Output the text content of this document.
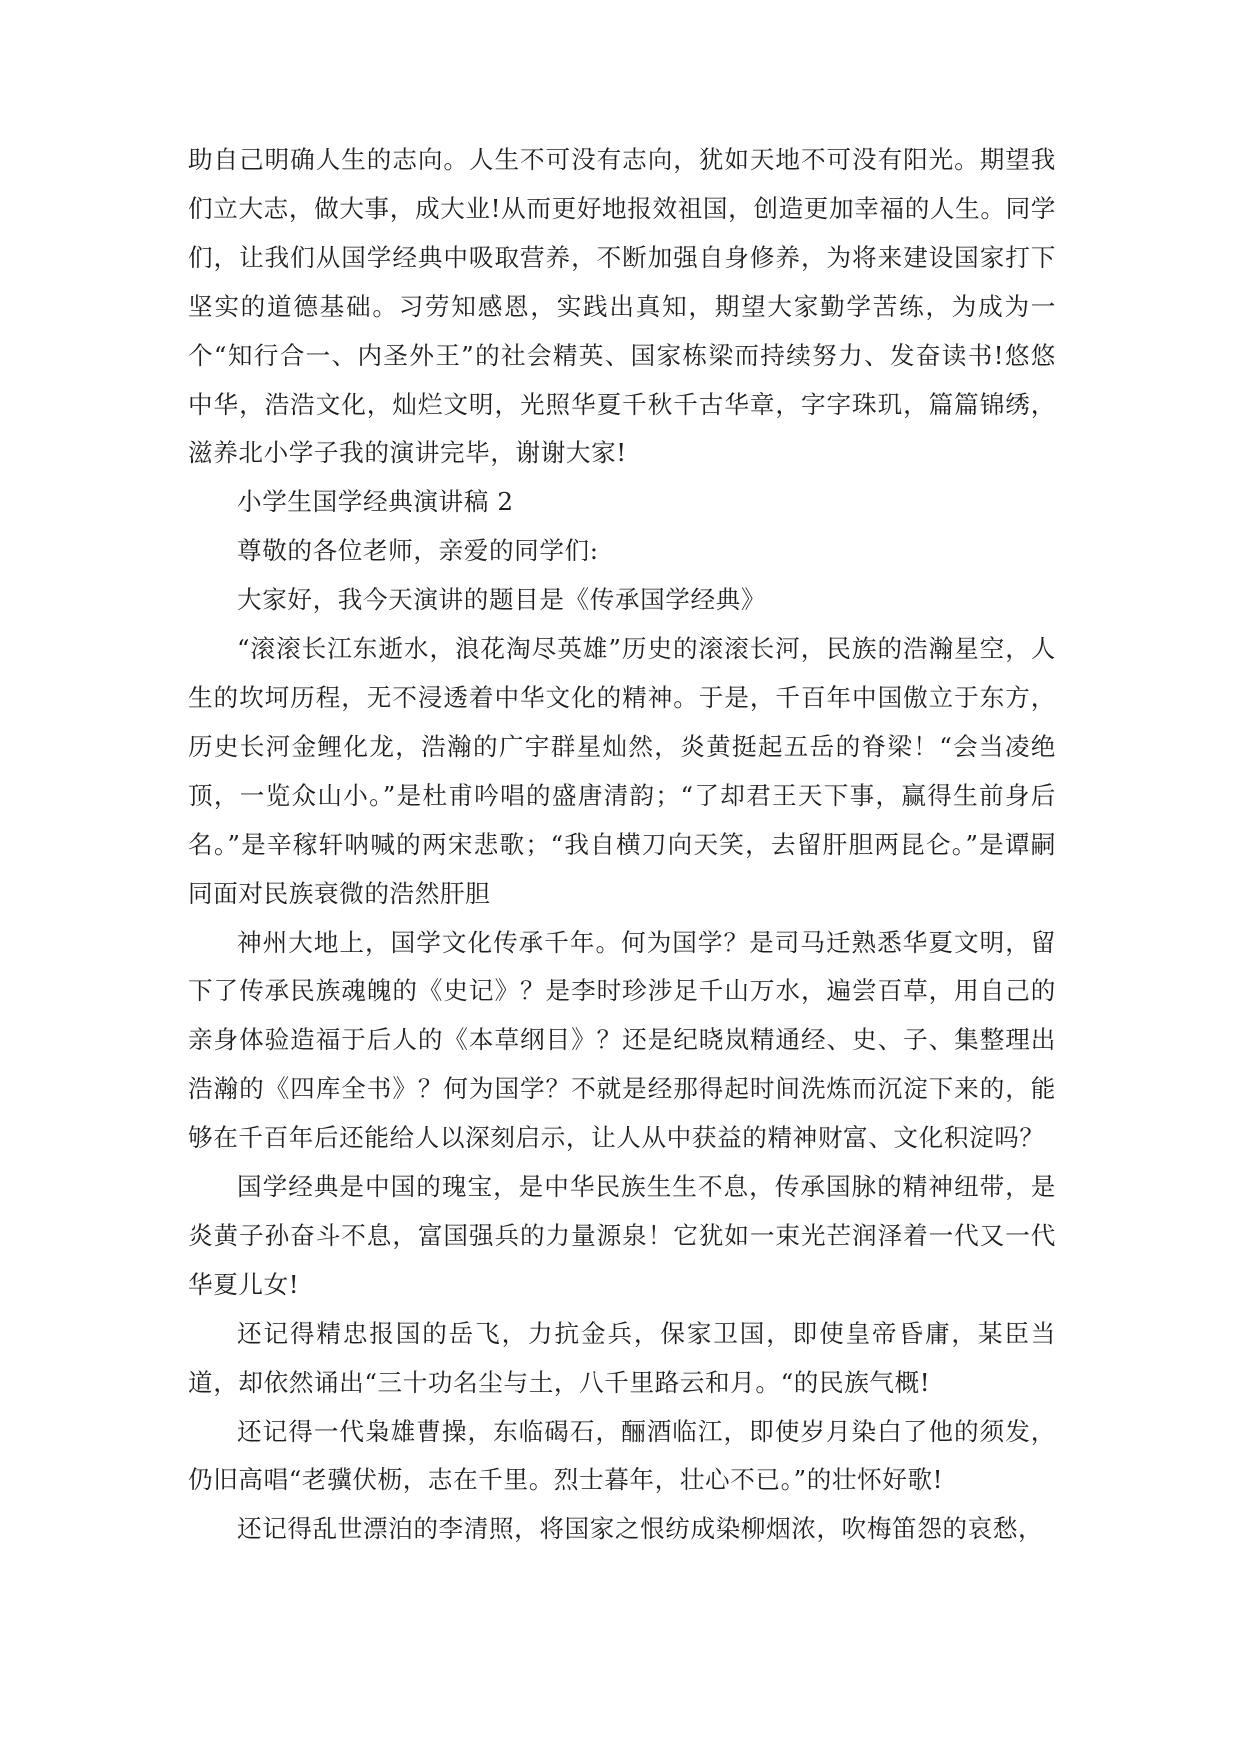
助自己明确人生的志向。人生不可没有志向，犹如天地不可没有阳光。期望我们立大志，做大事，成大业!从而更好地报效祖国，创造更加幸福的人生。同学们，让我们从国学经典中吸取营养，不断加强自身修养，为将来建设国家打下坚实的道德基础。习劳知感恩，实践出真知，期望大家勤学苦练，为成为一个“知行合一、内圣外王”的社会精英、国家栋梁而持续努力、发奋读书!悠悠中华，浩浩文化，灿烂文明，光照华夏千秋千古华章，字字珠玑，篇篇锦绣，滋养北小学子我的演讲完毕，谢谢大家!

小学生国学经典演讲稿 2

尊敬的各位老师，亲爱的同学们:

大家好，我今天演讲的题目是《传承国学经典》

“滚滚长江东逝水，浪花淘尽英雄”历史的滚滚长河，民族的浩瀚星空，人生的坎坷历程，无不浸透着中华文化的精神。于是，千百年中国傲立于东方，历史长河金鲤化龙，浩瀚的广宇群星灿然，炎黄挺起五岳的脊梁！“会当凌绝顶，一览众山小。”是杜甫吟唱的盛唐清韵；“了却君王天下事，赢得生前身后名。”是辛稼轩呐喊的两宋悲歌；“我自横刀向天笑，去留肝胆两昆仑。”是谭嗣同面对民族衰微的浩然肝胆

神州大地上，国学文化传承千年。何为国学？是司马迁熟悉华夏文明，留下了传承民族魂魄的《史记》？是李时珍涉足千山万水，遍尝百草，用自己的亲身体验造福于后人的《本草纲目》？还是纪晓岚精通经、史、子、集整理出浩瀚的《四库全书》？何为国学？不就是经那得起时间洗炼而沉淀下来的，能够在千百年后还能给人以深刻启示，让人从中获益的精神财富、文化积淀吗？

国学经典是中国的瑰宝，是中华民族生生不息，传承国脉的精神纽带，是炎黄子孙奋斗不息，富国强兵的力量源泉！它犹如一束光芒润泽着一代又一代华夏儿女!

还记得精忠报国的岳飞，力抗金兵，保家卫国，即使皇帝昏庸，某臣当道，却依然诵出“三十功名尘与土，八千里路云和月。“的民族气概!

还记得一代枭雄曹操，东临碣石，酾酒临江，即使岁月染白了他的须发，仍旧高唱“老骥伏枥，志在千里。烈士暮年，壮心不已。”的壮怀好歌!

还记得乱世漂泊的李清照，将国家之恨纺成染柳烟浓，吹梅笛怨的哀愁，
